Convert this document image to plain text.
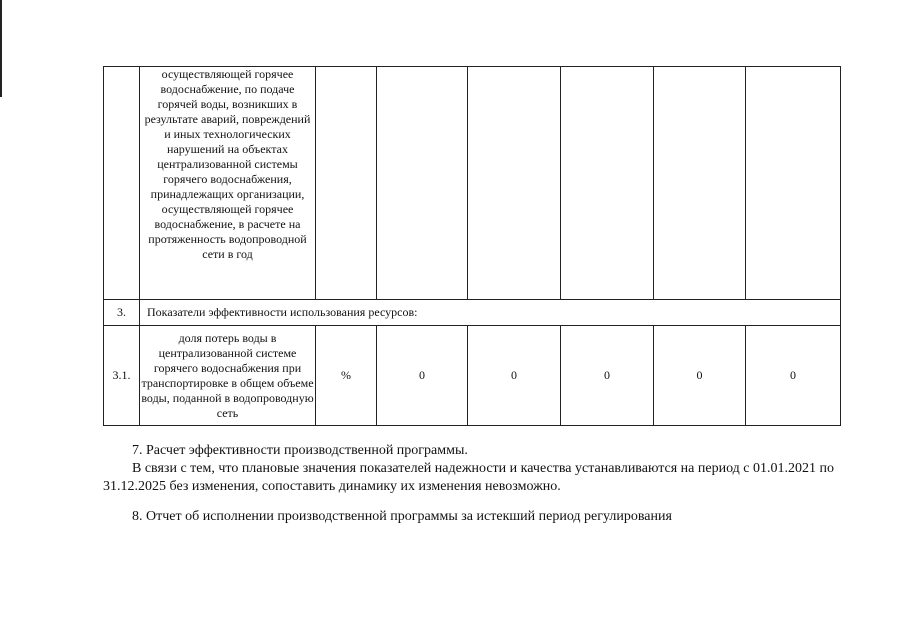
	осуществляющей горячее водоснабжение, по подаче горячей воды, возникших в результате аварий, повреждений и иных технологических нарушений на объектах централизованной системы горячего водоснабжения, принадлежащих организации, осуществляющей горячее водоснабжение, в расчете на протяженность водопроводной сети в год						
3.	Показатели эффективности использования ресурсов:						
3.1.	доля потерь воды в централизованной системе горячего водоснабжения при транспортировке в общем объеме воды, поданной в водопроводную сеть	%	0	0	0	0	0
7. Расчет эффективности производственной программы.
В связи с тем, что плановые значения показателей надежности и качества устанавливаются на период с 01.01.2021 по 31.12.2025 без изменения, сопоставить динамику их изменения невозможно.
8. Отчет об исполнении производственной программы за истекший период регулирования
